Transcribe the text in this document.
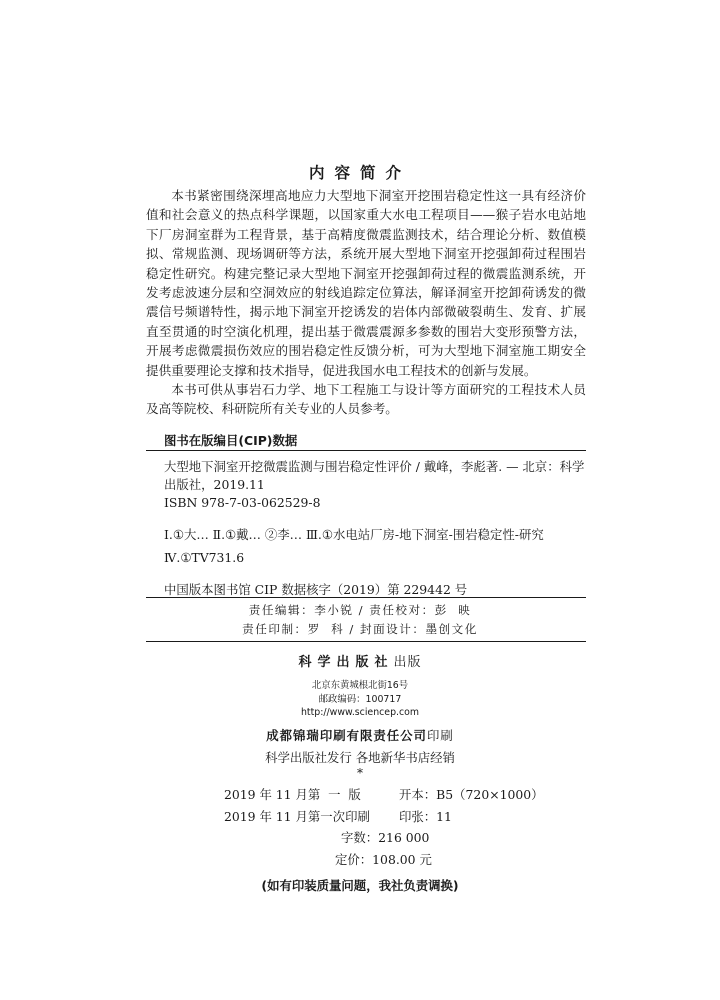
内容简介

本书紧密围绕深埋高地应力大型地下洞室开挖围岩稳定性这一具有经济价值和社会意义的热点科学课题，以国家重大水电工程项目——猴子岩水电站地下厂房洞室群为工程背景，基于高精度微震监测技术，结合理论分析、数值模拟、常规监测、现场调研等方法，系统开展大型地下洞室开挖强卸荷过程围岩稳定性研究。构建完整记录大型地下洞室开挖强卸荷过程的微震监测系统，开发考虑波速分层和空洞效应的射线追踪定位算法，解译洞室开挖卸荷诱发的微震信号频谱特性，揭示地下洞室开挖诱发的岩体内部微破裂萌生、发育、扩展直至贯通的时空演化机理，提出基于微震震源多参数的围岩大变形预警方法，开展考虑微震损伤效应的围岩稳定性反馈分析，可为大型地下洞室施工期安全提供重要理论支撑和技术指导，促进我国水电工程技术的创新与发展。

本书可供从事岩石力学、地下工程施工与设计等方面研究的工程技术人员及高等院校、科研院所有关专业的人员参考。

图书在版编目(CIP)数据
大型地下洞室开挖微震监测与围岩稳定性评价 / 戴峰，李彪著. — 北京：科学出版社，2019.11
ISBN 978-7-03-062529-8
Ⅰ.①大… Ⅱ.①戴… ②李… Ⅲ.①水电站厂房-地下洞室-围岩稳定性-研究 Ⅳ.①TV731.6
中国版本图书馆 CIP 数据核字（2019）第 229442 号
责任编辑：李小锐 / 责任校对：彭  映
责任印制：罗  科 / 封面设计：墨创文化
科学出版社出版
北京东黄城根北街16号
邮政编码：100717
http://www.sciencep.com
成都锦瑞印刷有限责任公司印刷
科学出版社发行 各地新华书店经销
*
2019 年 11 月第  一  版	开本：B5（720×1000）
2019 年 11 月第一次印刷 印张：11
字数：216 000
定价：108.00 元
(如有印装质量问题，我社负责调换)
